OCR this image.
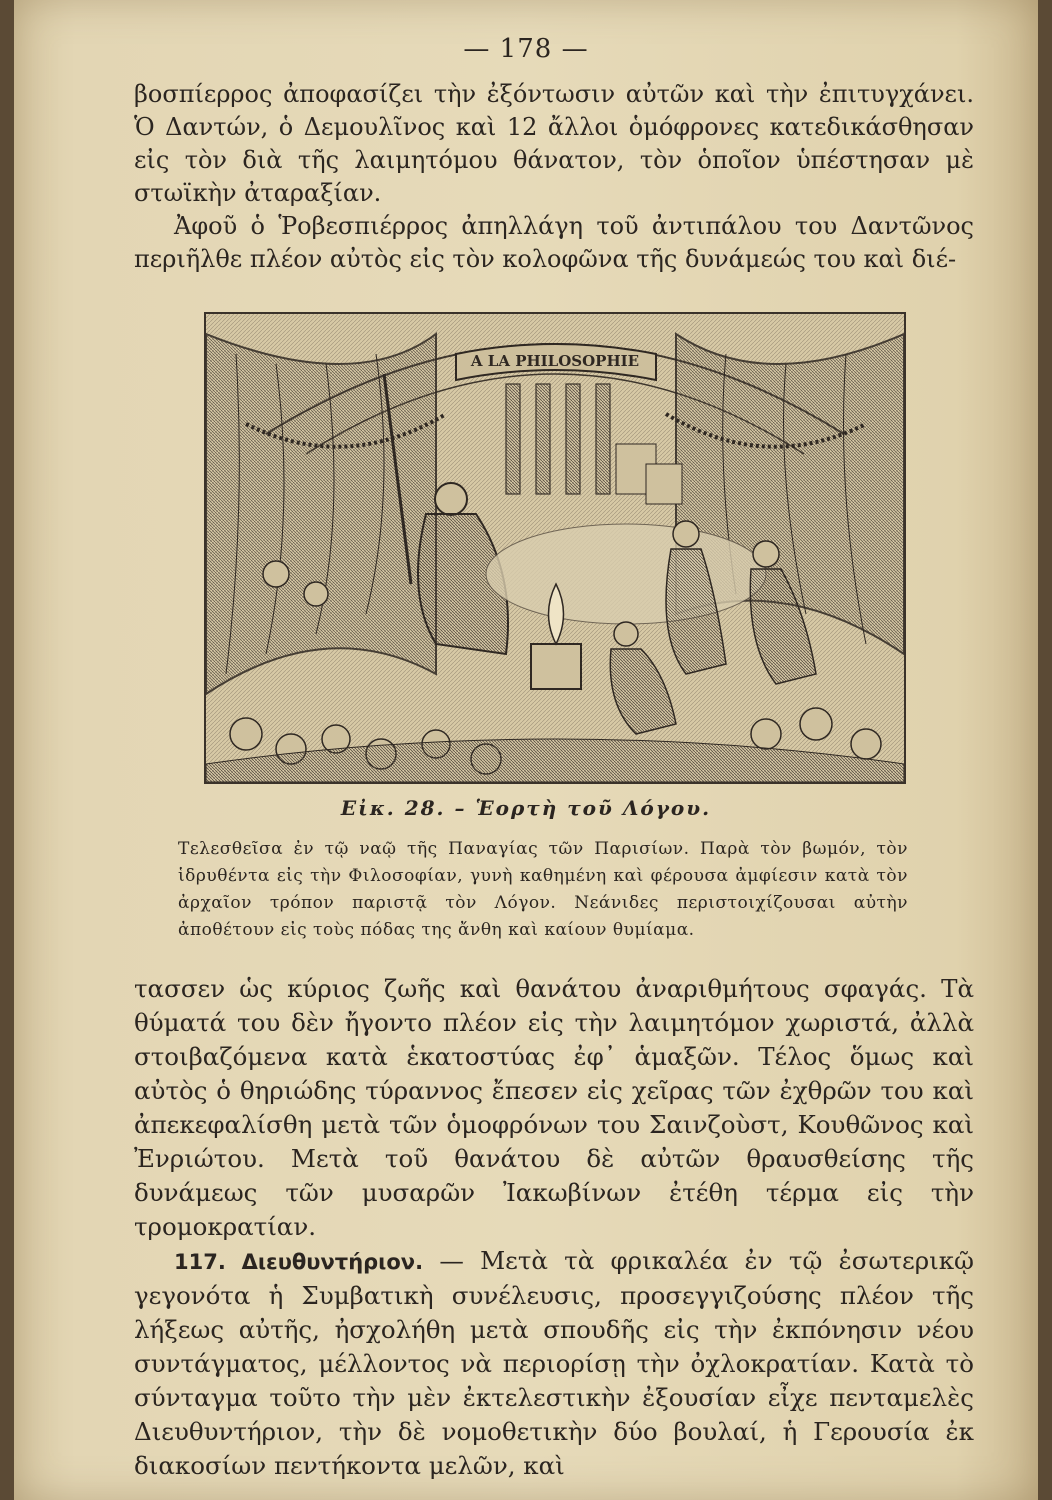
— 178 —

βοσπίερρος ἀποφασίζει τὴν ἐξόντωσιν αὐτῶν καὶ τὴν ἐπιτυγχάνει. Ὁ Δαντών, ὁ Δεμουλῖνος καὶ 12 ἄλλοι ὁμόφρονες κατεδικάσθησαν εἰς τὸν διὰ τῆς λαιμητόμου θάνατον, τὸν ὁποῖον ὑπέστησαν μὲ στωϊκὴν ἀταραξίαν.

Ἀφοῦ ὁ Ῥοβεσπιέρρος ἀπηλλάγη τοῦ ἀντιπάλου του Δαντῶνος περιῆλθε πλέον αὐτὸς εἰς τὸν κολοφῶνα τῆς δυνάμεώς του καὶ διέ-

A LA PHILOSOPHIE
Εἰκ. 28. – Ἑορτὴ τοῦ Λόγου.
Τελεσθεῖσα ἐν τῷ ναῷ τῆς Παναγίας τῶν Παρισίων. Παρὰ τὸν βωμόν, τὸν ἱδρυθέντα εἰς τὴν Φιλοσοφίαν, γυνὴ καθημένη καὶ φέρουσα ἀμφίεσιν κατὰ τὸν ἀρχαῖον τρόπον παριστᾷ τὸν Λόγον. Νεάνιδες περιστοιχίζουσαι αὐτὴν ἀποθέτουν εἰς τοὺς πόδας της ἄνθη καὶ καίουν θυμίαμα.

τασσεν ὡς κύριος ζωῆς καὶ θανάτου ἀναριθμήτους σφαγάς. Τὰ θύματά του δὲν ἤγοντο πλέον εἰς τὴν λαιμητόμον χωριστά, ἀλλὰ στοιβαζόμενα κατὰ ἑκατοστύας ἐφ᾽ ἁμαξῶν. Τέλος ὅμως καὶ αὐτὸς ὁ θηριώδης τύραννος ἔπεσεν εἰς χεῖρας τῶν ἐχθρῶν του καὶ ἀπεκεφαλίσθη μετὰ τῶν ὁμοφρόνων του Σαινζοὺστ, Κουθῶνος καὶ Ἐνριώτου. Μετὰ τοῦ θανάτου δὲ αὐτῶν θραυσθείσης τῆς δυνάμεως τῶν μυσαρῶν Ἰακωβίνων ἐτέθη τέρμα εἰς τὴν τρομοκρατίαν.

117. Διευθυντήριον. — Μετὰ τὰ φρικαλέα ἐν τῷ ἐσωτερικῷ γεγονότα ἡ Συμβατικὴ συνέλευσις, προσεγγιζούσης πλέον τῆς λήξεως αὐτῆς, ἠσχολήθη μετὰ σπουδῆς εἰς τὴν ἐκπόνησιν νέου συντάγματος, μέλλοντος νὰ περιορίσῃ τὴν ὀχλοκρατίαν. Κατὰ τὸ σύνταγμα τοῦτο τὴν μὲν ἐκτελεστικὴν ἐξουσίαν εἶχε πενταμελὲς Διευθυντήριον, τὴν δὲ νομοθετικὴν δύο βουλαί, ἡ Γερουσία ἐκ διακοσίων πεντήκοντα μελῶν, καὶ
